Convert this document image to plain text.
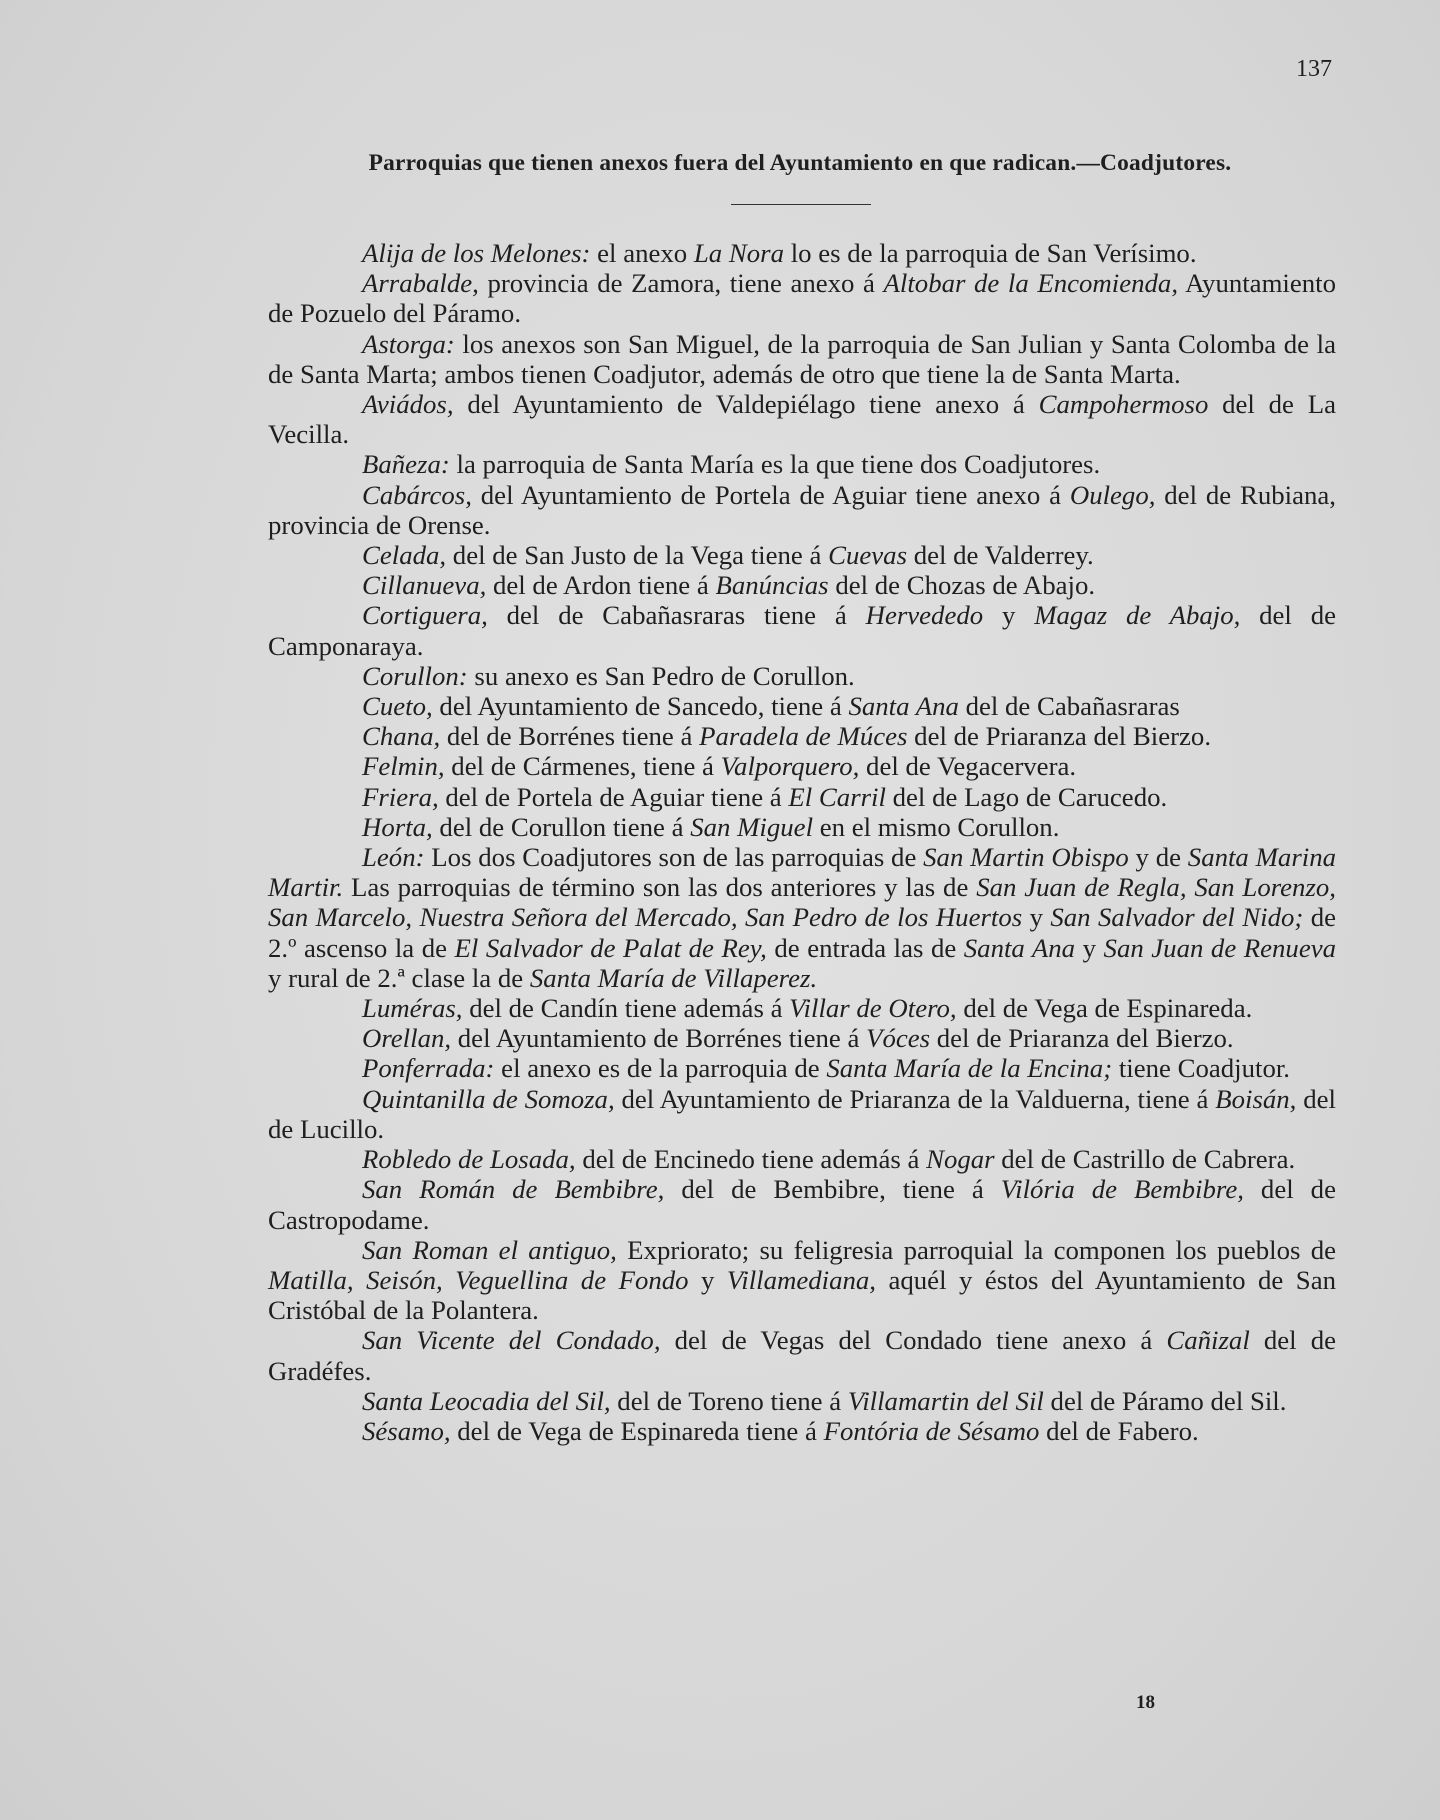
137
Parroquias que tienen anexos fuera del Ayuntamiento en que radican.—Coadjutores.

Alija de los Melones: el anexo La Nora lo es de la parroquia de San Verísimo.

Arrabalde, provincia de Zamora, tiene anexo á Altobar de la Encomienda, Ayuntamiento de Pozuelo del Páramo.

Astorga: los anexos son San Miguel, de la parroquia de San Julian y Santa Colomba de la de Santa Marta; ambos tienen Coadjutor, además de otro que tiene la de Santa Marta.

Aviádos, del Ayuntamiento de Valdepiélago tiene anexo á Campohermoso del de La Vecilla.

Bañeza: la parroquia de Santa María es la que tiene dos Coadjutores.

Cabárcos, del Ayuntamiento de Portela de Aguiar tiene anexo á Oulego, del de Rubiana, provincia de Orense.

Celada, del de San Justo de la Vega tiene á Cuevas del de Valderrey.

Cillanueva, del de Ardon tiene á Banúncias del de Chozas de Abajo.

Cortiguera, del de Cabañasraras tiene á Hervededo y Magaz de Abajo, del de Camponaraya.

Corullon: su anexo es San Pedro de Corullon.

Cueto, del Ayuntamiento de Sancedo, tiene á Santa Ana del de Cabañasraras

Chana, del de Borrénes tiene á Paradela de Múces del de Priaranza del Bierzo.

Felmin, del de Cármenes, tiene á Valporquero, del de Vegacervera.

Friera, del de Portela de Aguiar tiene á El Carril del de Lago de Carucedo.

Horta, del de Corullon tiene á San Miguel en el mismo Corullon.

León: Los dos Coadjutores son de las parroquias de San Martin Obispo y de Santa Marina Martir. Las parroquias de término son las dos anteriores y las de San Juan de Regla, San Lorenzo, San Marcelo, Nuestra Señora del Mercado, San Pedro de los Huertos y San Salvador del Nido; de 2.º ascenso la de El Salvador de Palat de Rey, de entrada las de Santa Ana y San Juan de Renueva y rural de 2.ª clase la de Santa María de Villaperez.

Luméras, del de Candín tiene además á Villar de Otero, del de Vega de Espinareda.

Orellan, del Ayuntamiento de Borrénes tiene á Vóces del de Priaranza del Bierzo.

Ponferrada: el anexo es de la parroquia de Santa María de la Encina; tiene Coadjutor.

Quintanilla de Somoza, del Ayuntamiento de Priaranza de la Valduerna, tiene á Boisán, del de Lucillo.

Robledo de Losada, del de Encinedo tiene además á Nogar del de Castrillo de Cabrera.

San Román de Bembibre, del de Bembibre, tiene á Vilória de Bembibre, del de Castropodame.

San Roman el antiguo, Expriorato; su feligresia parroquial la componen los pueblos de Matilla, Seisón, Veguellina de Fondo y Villamediana, aquél y éstos del Ayuntamiento de San Cristóbal de la Polantera.

San Vicente del Condado, del de Vegas del Condado tiene anexo á Cañizal del de Gradéfes.

Santa Leocadia del Sil, del de Toreno tiene á Villamartin del Sil del de Páramo del Sil.

Sésamo, del de Vega de Espinareda tiene á Fontória de Sésamo del de Fabero.

18
